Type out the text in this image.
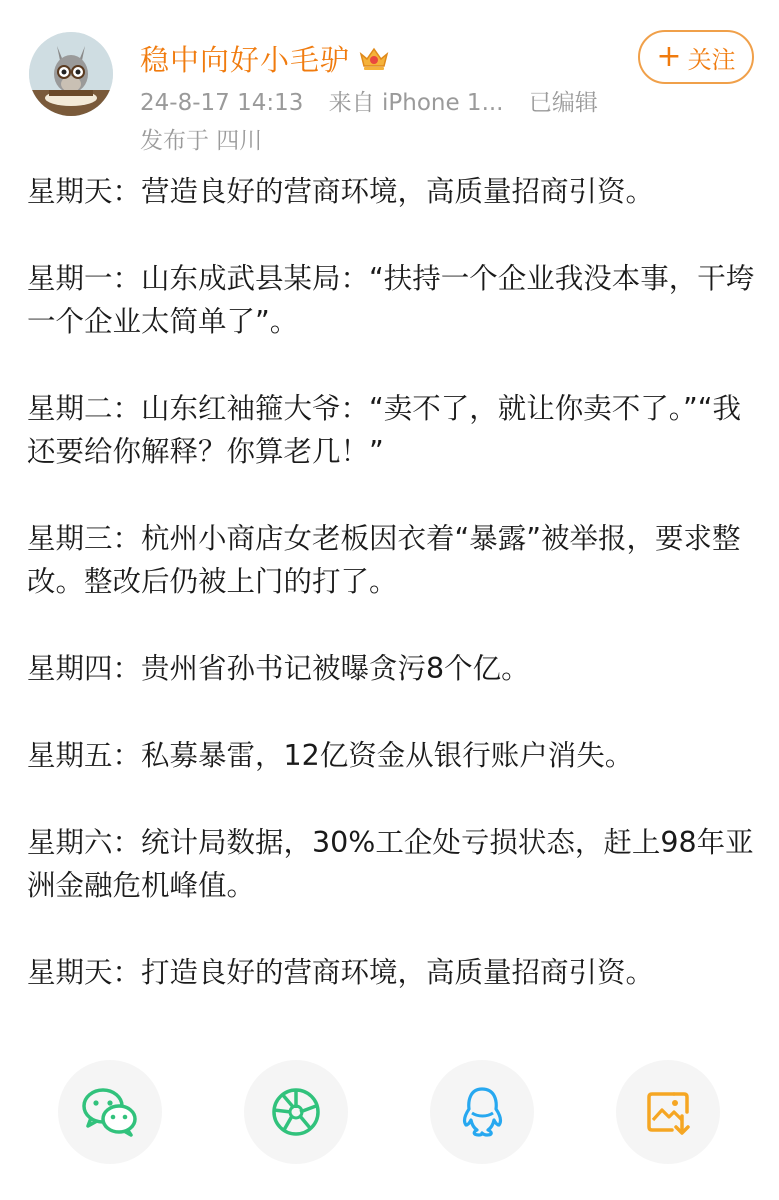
稳中向好小毛驴
24-8-17 14:13 来自 iPhone 1... 已编辑
发布于 四川
+ 关注

星期天：营造良好的营商环境，高质量招商引资。

星期一：山东成武县某局：“扶持一个企业我没本事，干垮一个企业太简单了”。

星期二：山东红袖箍大爷：“卖不了，就让你卖不了。”“我还要给你解释？你算老几！”

星期三：杭州小商店女老板因衣着“暴露”被举报，要求整改。整改后仍被上门的打了。

星期四：贵州省孙书记被曝贪污8个亿。

星期五：私募暴雷，12亿资金从银行账户消失。

星期六：统计局数据，30%工企处亏损状态，赶上98年亚洲金融危机峰值。

星期天：打造良好的营商环境，高质量招商引资。
